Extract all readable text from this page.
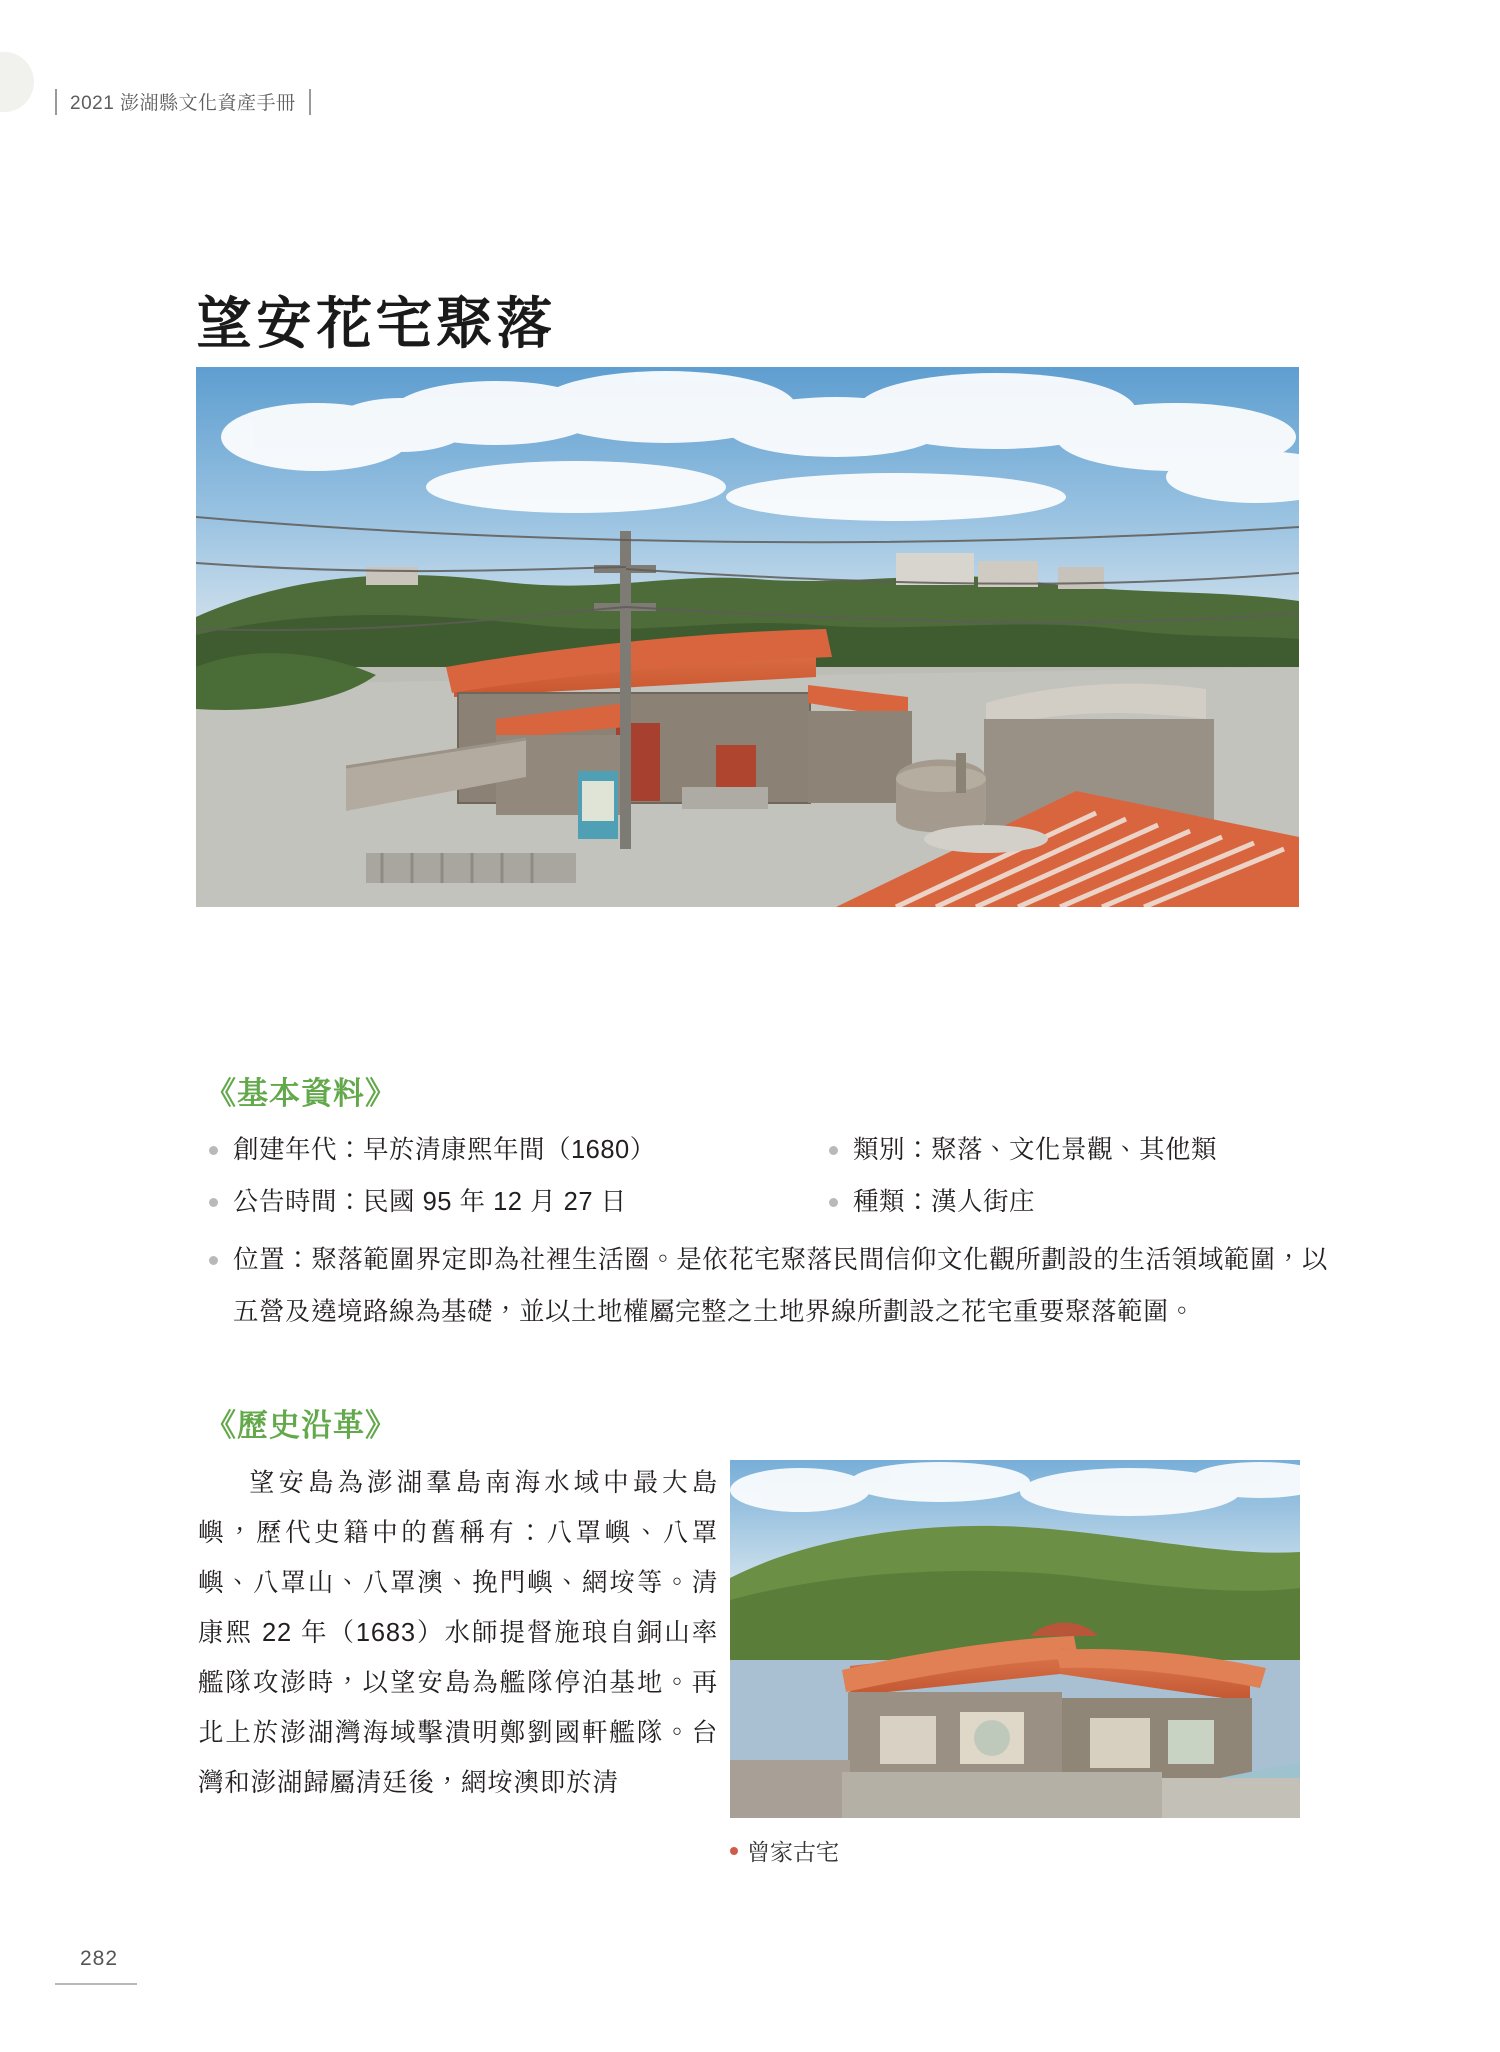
2021 澎湖縣文化資產手冊
望安花宅聚落
《基本資料》
創建年代：早於清康熙年間（1680）
公告時間：民國 95 年 12 月 27 日
類別：聚落、文化景觀、其他類
種類：漢人街庄
位置：聚落範圍界定即為社裡生活圈。是依花宅聚落民間信仰文化觀所劃設的生活領域範圍，以五營及遶境路線為基礎，並以土地權屬完整之土地界線所劃設之花宅重要聚落範圍。
《歷史沿革》
望安島為澎湖羣島南海水域中最大島嶼，歷代史籍中的舊稱有：八罩嶼、八罩嶼、八罩山、八罩澳、挽門嶼、網垵等。清康熙 22 年（1683）水師提督施琅自銅山率艦隊攻澎時，以望安島為艦隊停泊基地。再北上於澎湖灣海域擊潰明鄭劉國軒艦隊。台灣和澎湖歸屬清廷後，網垵澳即於清
曾家古宅
282
